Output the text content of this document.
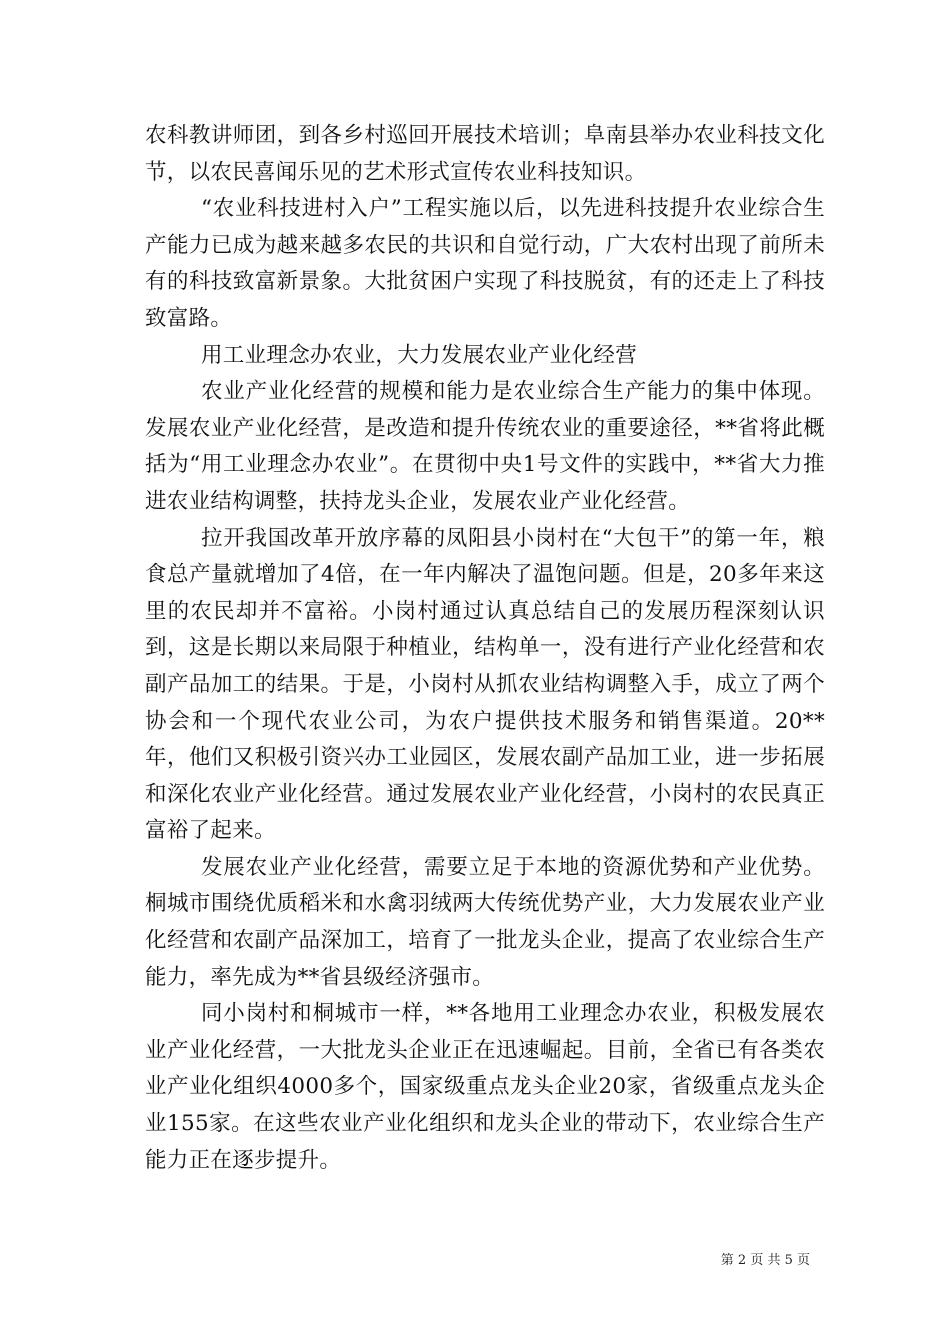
农科教讲师团，到各乡村巡回开展技术培训；阜南县举办农业科技文化节，以农民喜闻乐见的艺术形式宣传农业科技知识。

“农业科技进村入户”工程实施以后，以先进科技提升农业综合生产能力已成为越来越多农民的共识和自觉行动，广大农村出现了前所未有的科技致富新景象。大批贫困户实现了科技脱贫，有的还走上了科技致富路。

用工业理念办农业，大力发展农业产业化经营

农业产业化经营的规模和能力是农业综合生产能力的集中体现。发展农业产业化经营，是改造和提升传统农业的重要途径，**省将此概括为“用工业理念办农业”。在贯彻中央1号文件的实践中，**省大力推进农业结构调整，扶持龙头企业，发展农业产业化经营。

拉开我国改革开放序幕的凤阳县小岗村在“大包干”的第一年，粮食总产量就增加了4倍，在一年内解决了温饱问题。但是，20多年来这里的农民却并不富裕。小岗村通过认真总结自己的发展历程深刻认识到，这是长期以来局限于种植业，结构单一，没有进行产业化经营和农副产品加工的结果。于是，小岗村从抓农业结构调整入手，成立了两个协会和一个现代农业公司，为农户提供技术服务和销售渠道。20**年，他们又积极引资兴办工业园区，发展农副产品加工业，进一步拓展和深化农业产业化经营。通过发展农业产业化经营，小岗村的农民真正富裕了起来。

发展农业产业化经营，需要立足于本地的资源优势和产业优势。桐城市围绕优质稻米和水禽羽绒两大传统优势产业，大力发展农业产业化经营和农副产品深加工，培育了一批龙头企业，提高了农业综合生产能力，率先成为**省县级经济强市。

同小岗村和桐城市一样，**各地用工业理念办农业，积极发展农业产业化经营，一大批龙头企业正在迅速崛起。目前，全省已有各类农业产业化组织4000多个，国家级重点龙头企业20家，省级重点龙头企业155家。在这些农业产业化组织和龙头企业的带动下，农业综合生产能力正在逐步提升。

第 2 页 共 5 页
